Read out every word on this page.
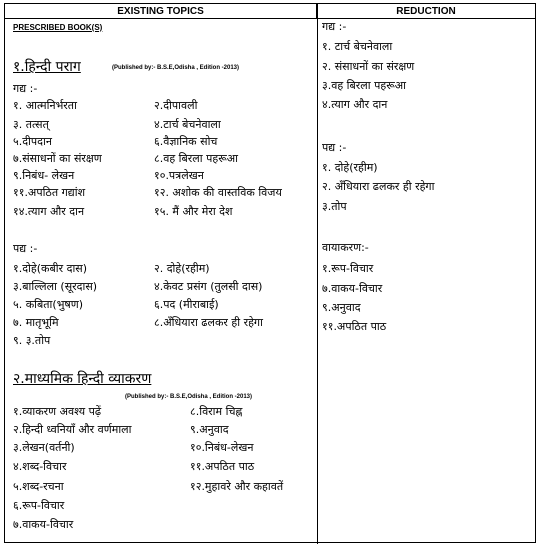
EXISTING TOPICS	REDUCTION
PRESCRIBED BOOK(S)
१.हिन्दी पराग	(Published by:- B.S.E,Odisha , Edition -2013)
गद्य :-
१. आत्मनिर्भरता
३. तत्सत्
५.दीपदान
७.संसाधनों का संरक्षण
९.निबंध- लेखन
११.अपठित गद्यांश
१४.त्याग और दान
२.दीपावली
४.टार्च बेचनेवाला
६.वैज्ञानिक सोच
८.वह बिरला पहरूआ
१०.पत्रलेखन
१२. अशोक की वास्तविक विजय
१५. मैं और मेरा देश
पद्य :-
१.दोहे(कबीर दास)
३.बाल्लिला (सूरदास)
५. कबिता(भुषण)
७. मातृभूमि
९. ३.तोप
२. दोहे(रहीम)
४.केवट प्रसंग (तुलसी दास)
६.पद (मीराबाई)
८.अँधियारा ढलकर ही रहेगा
२.माध्यमिक हिन्दी व्याकरण
(Published by:- B.S.E,Odisha , Edition -2013)
१.व्याकरण अवश्य पढ़ें
२.हिन्दी ध्वनियाँ और वर्णमाला
३.लेखन(वर्तनी)
४.शब्द-विचार
५.शब्द-रचना
६.रूप-विचार
७.वाकय-विचार
८.विराम चिह्न
९.अनुवाद
१०.निबंध-लेखन
११.अपठित पाठ
१२.मुहावरे और कहावतें
गद्य :-
१. टार्च बेचनेवाला
२. संसाधनों का संरक्षण
३.वह बिरला पहरूआ
४.त्याग और दान
पद्य :-
१. दोहे(रहीम)
२. अँधियारा ढलकर ही रहेगा
३.तोप
वायाकरण:-
१.रूप-विचार
७.वाकय-विचार
९.अनुवाद
११.अपठित पाठ
